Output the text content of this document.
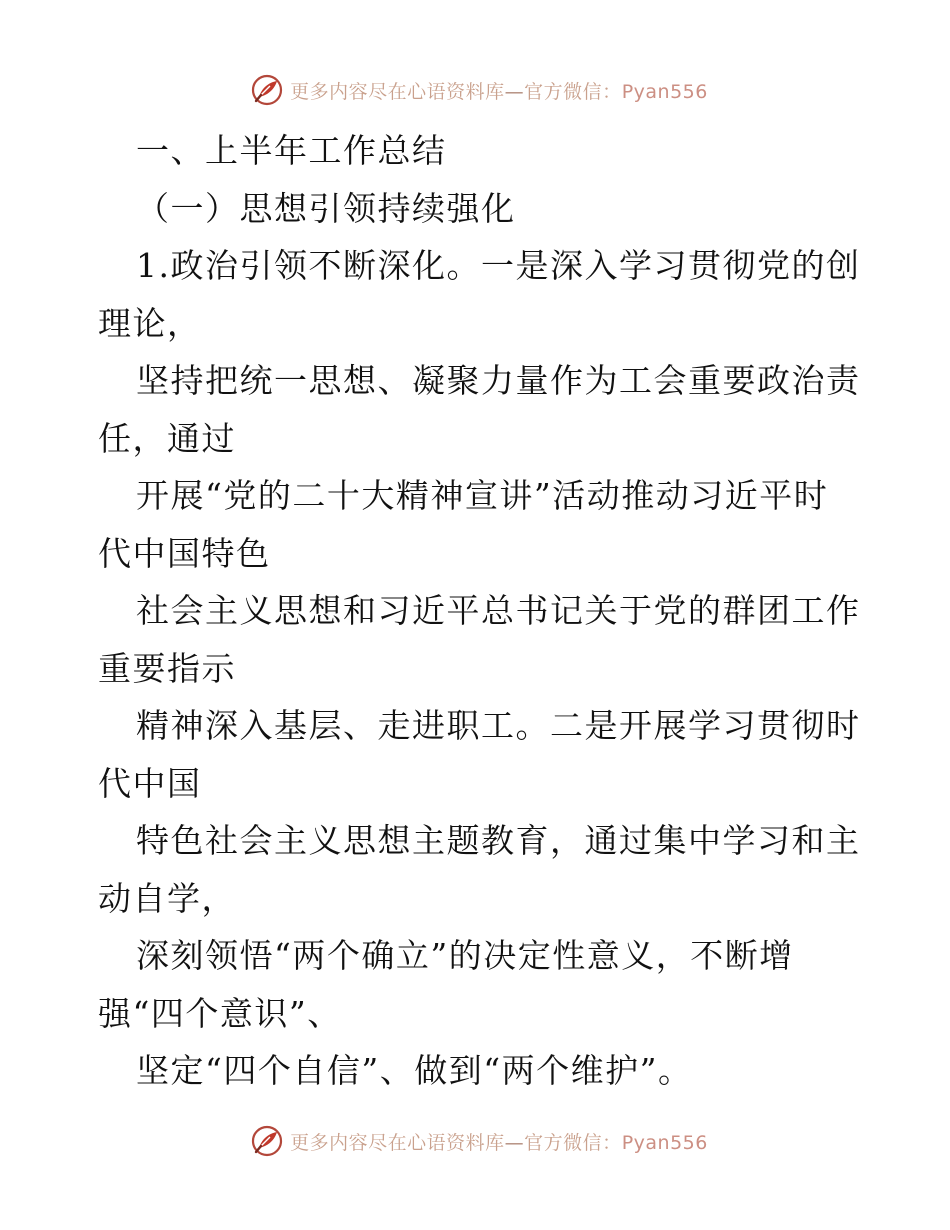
更多内容尽在心语资料库—官方微信：Pyan556
一、上半年工作总结
（一）思想引领持续强化
1.政治引领不断深化。一是深入学习贯彻党的创
理论，
坚持把统一思想、凝聚力量作为工会重要政治责
任，通过
开展“党的二十大精神宣讲”活动推动习近平时
代中国特色
社会主义思想和习近平总书记关于党的群团工作
重要指示
精神深入基层、走进职工。二是开展学习贯彻时
代中国
特色社会主义思想主题教育，通过集中学习和主
动自学，
深刻领悟“两个确立”的决定性意义，不断增
强“四个意识”、
坚定“四个自信”、做到“两个维护”。
更多内容尽在心语资料库—官方微信：Pyan556
